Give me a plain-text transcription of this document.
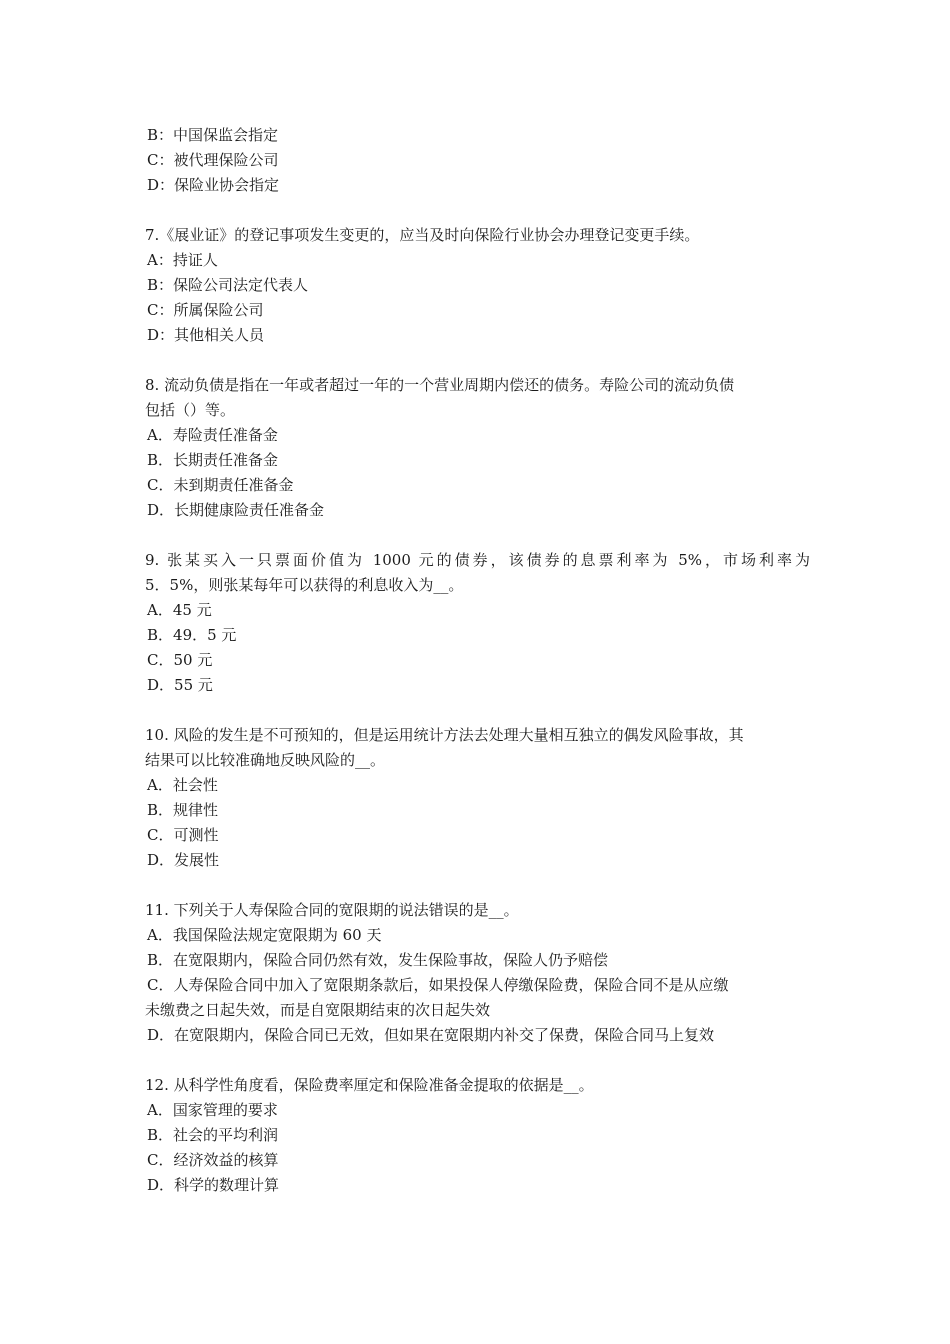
B：中国保监会指定
C：被代理保险公司
D：保险业协会指定
7.《展业证》的登记事项发生变更的，应当及时向保险行业协会办理登记变更手续。
A：持证人
B：保险公司法定代表人
C：所属保险公司
D：其他相关人员
8. 流动负债是指在一年或者超过一年的一个营业周期内偿还的债务。寿险公司的流动负债
包括（）等。
A．寿险责任准备金
B．长期责任准备金
C．未到期责任准备金
D．长期健康险责任准备金
9. 张某买入一只票面价值为 1000 元的债券，该债券的息票利率为 5%，市场利率为
5．5%，则张某每年可以获得的利息收入为__。
A．45 元
B．49．5 元
C．50 元
D．55 元
10. 风险的发生是不可预知的，但是运用统计方法去处理大量相互独立的偶发风险事故，其
结果可以比较准确地反映风险的__。
A．社会性
B．规律性
C．可测性
D．发展性
11. 下列关于人寿保险合同的宽限期的说法错误的是__。
A．我国保险法规定宽限期为 60 天
B．在宽限期内，保险合同仍然有效，发生保险事故，保险人仍予赔偿
C．人寿保险合同中加入了宽限期条款后，如果投保人停缴保险费，保险合同不是从应缴
未缴费之日起失效，而是自宽限期结束的次日起失效
D．在宽限期内，保险合同已无效，但如果在宽限期内补交了保费，保险合同马上复效
12. 从科学性角度看，保险费率厘定和保险准备金提取的依据是__。
A．国家管理的要求
B．社会的平均利润
C．经济效益的核算
D．科学的数理计算
